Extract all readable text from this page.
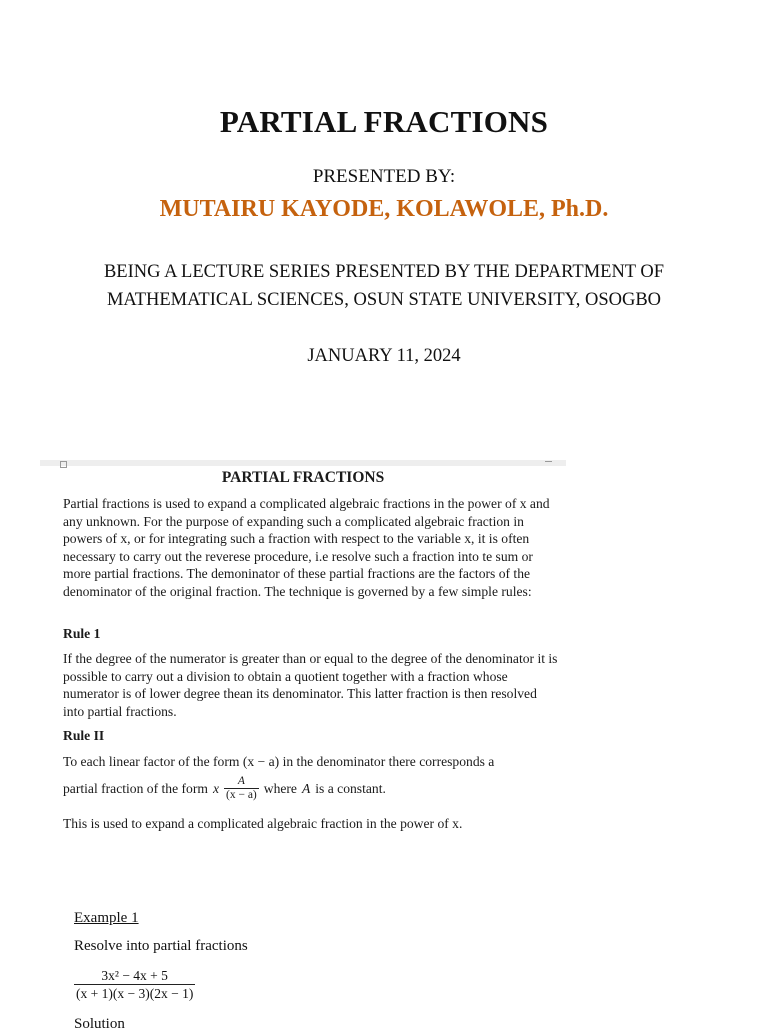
PARTIAL FRACTIONS
PRESENTED BY:
MUTAIRU KAYODE, KOLAWOLE, Ph.D.
BEING A LECTURE SERIES PRESENTED BY THE DEPARTMENT OF
MATHEMATICAL SCIENCES, OSUN STATE UNIVERSITY, OSOGBO
JANUARY 11, 2024
PARTIAL FRACTIONS

Partial fractions is used to expand a complicated algebraic fractions in the power of x and any unknown. For the purpose of expanding such a complicated algebraic fraction in powers of x, or for integrating such a fraction with respect to the variable x, it is often necessary to carry out the reverese procedure, i.e resolve such a fraction into te sum or more partial fractions. The demoninator of these partial fractions are the factors of the denominator of the original fraction. The technique is governed by a few simple rules:

Rule 1

If the degree of the numerator is greater than or equal to the degree of the denominator it is possible to carry out a division to obtain a quotient together with a fraction whose numerator is of lower degree thean its denominator. This latter fraction is then resolved into partial fractions.

Rule II

To each linear factor of the form (x − a) in the denominator there corresponds a

partial fraction of the form x $\frac{A}{(x - a)}$ where A is a constant.

This is used to expand a complicated algebraic fraction in the power of x.

Example 1
Resolve into partial fractions
$\frac{\text{3x² − 4x + 5}}{(x + 1)(x - 3)(2x - 1)}$
Solution
